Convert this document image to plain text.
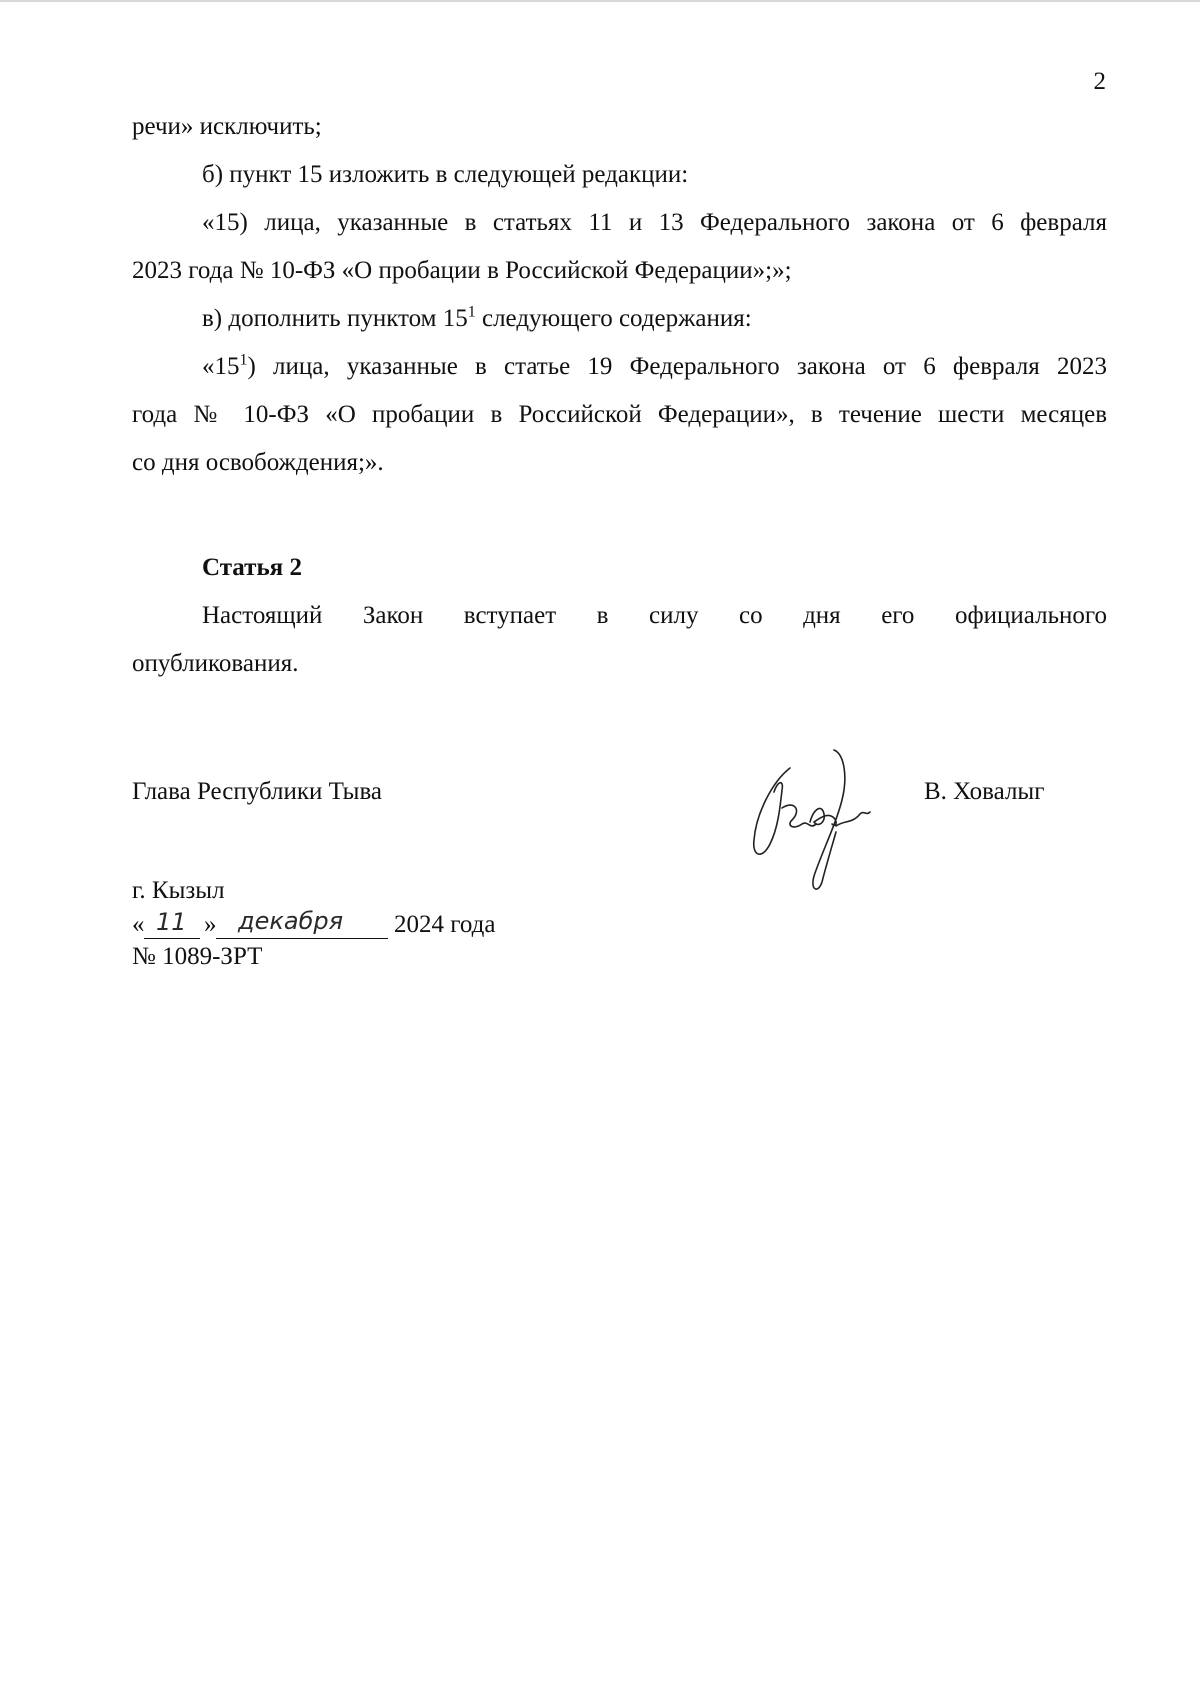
2
речи» исключить;
б) пункт 15 изложить в следующей редакции:
«15) лица, указанные в статьях 11 и 13 Федерального закона от 6 февраля
2023 года № 10-ФЗ «О пробации в Российской Федерации»;»;
в) дополнить пунктом $15^1$ следующего содержания:
«$15^1$) лица, указанные в статье 19 Федерального закона от 6 февраля 2023
года № 10-ФЗ «О пробации в Российской Федерации», в течение шести месяцев
со дня освобождения;».
Статья 2
Настоящий Закон вступает в силу со дня его официального
опубликования.
Глава Республики Тыва	В. Ховалыг
г. Кызыл
« 11 » декабря 2024 года
№ 1089-ЗРТ
